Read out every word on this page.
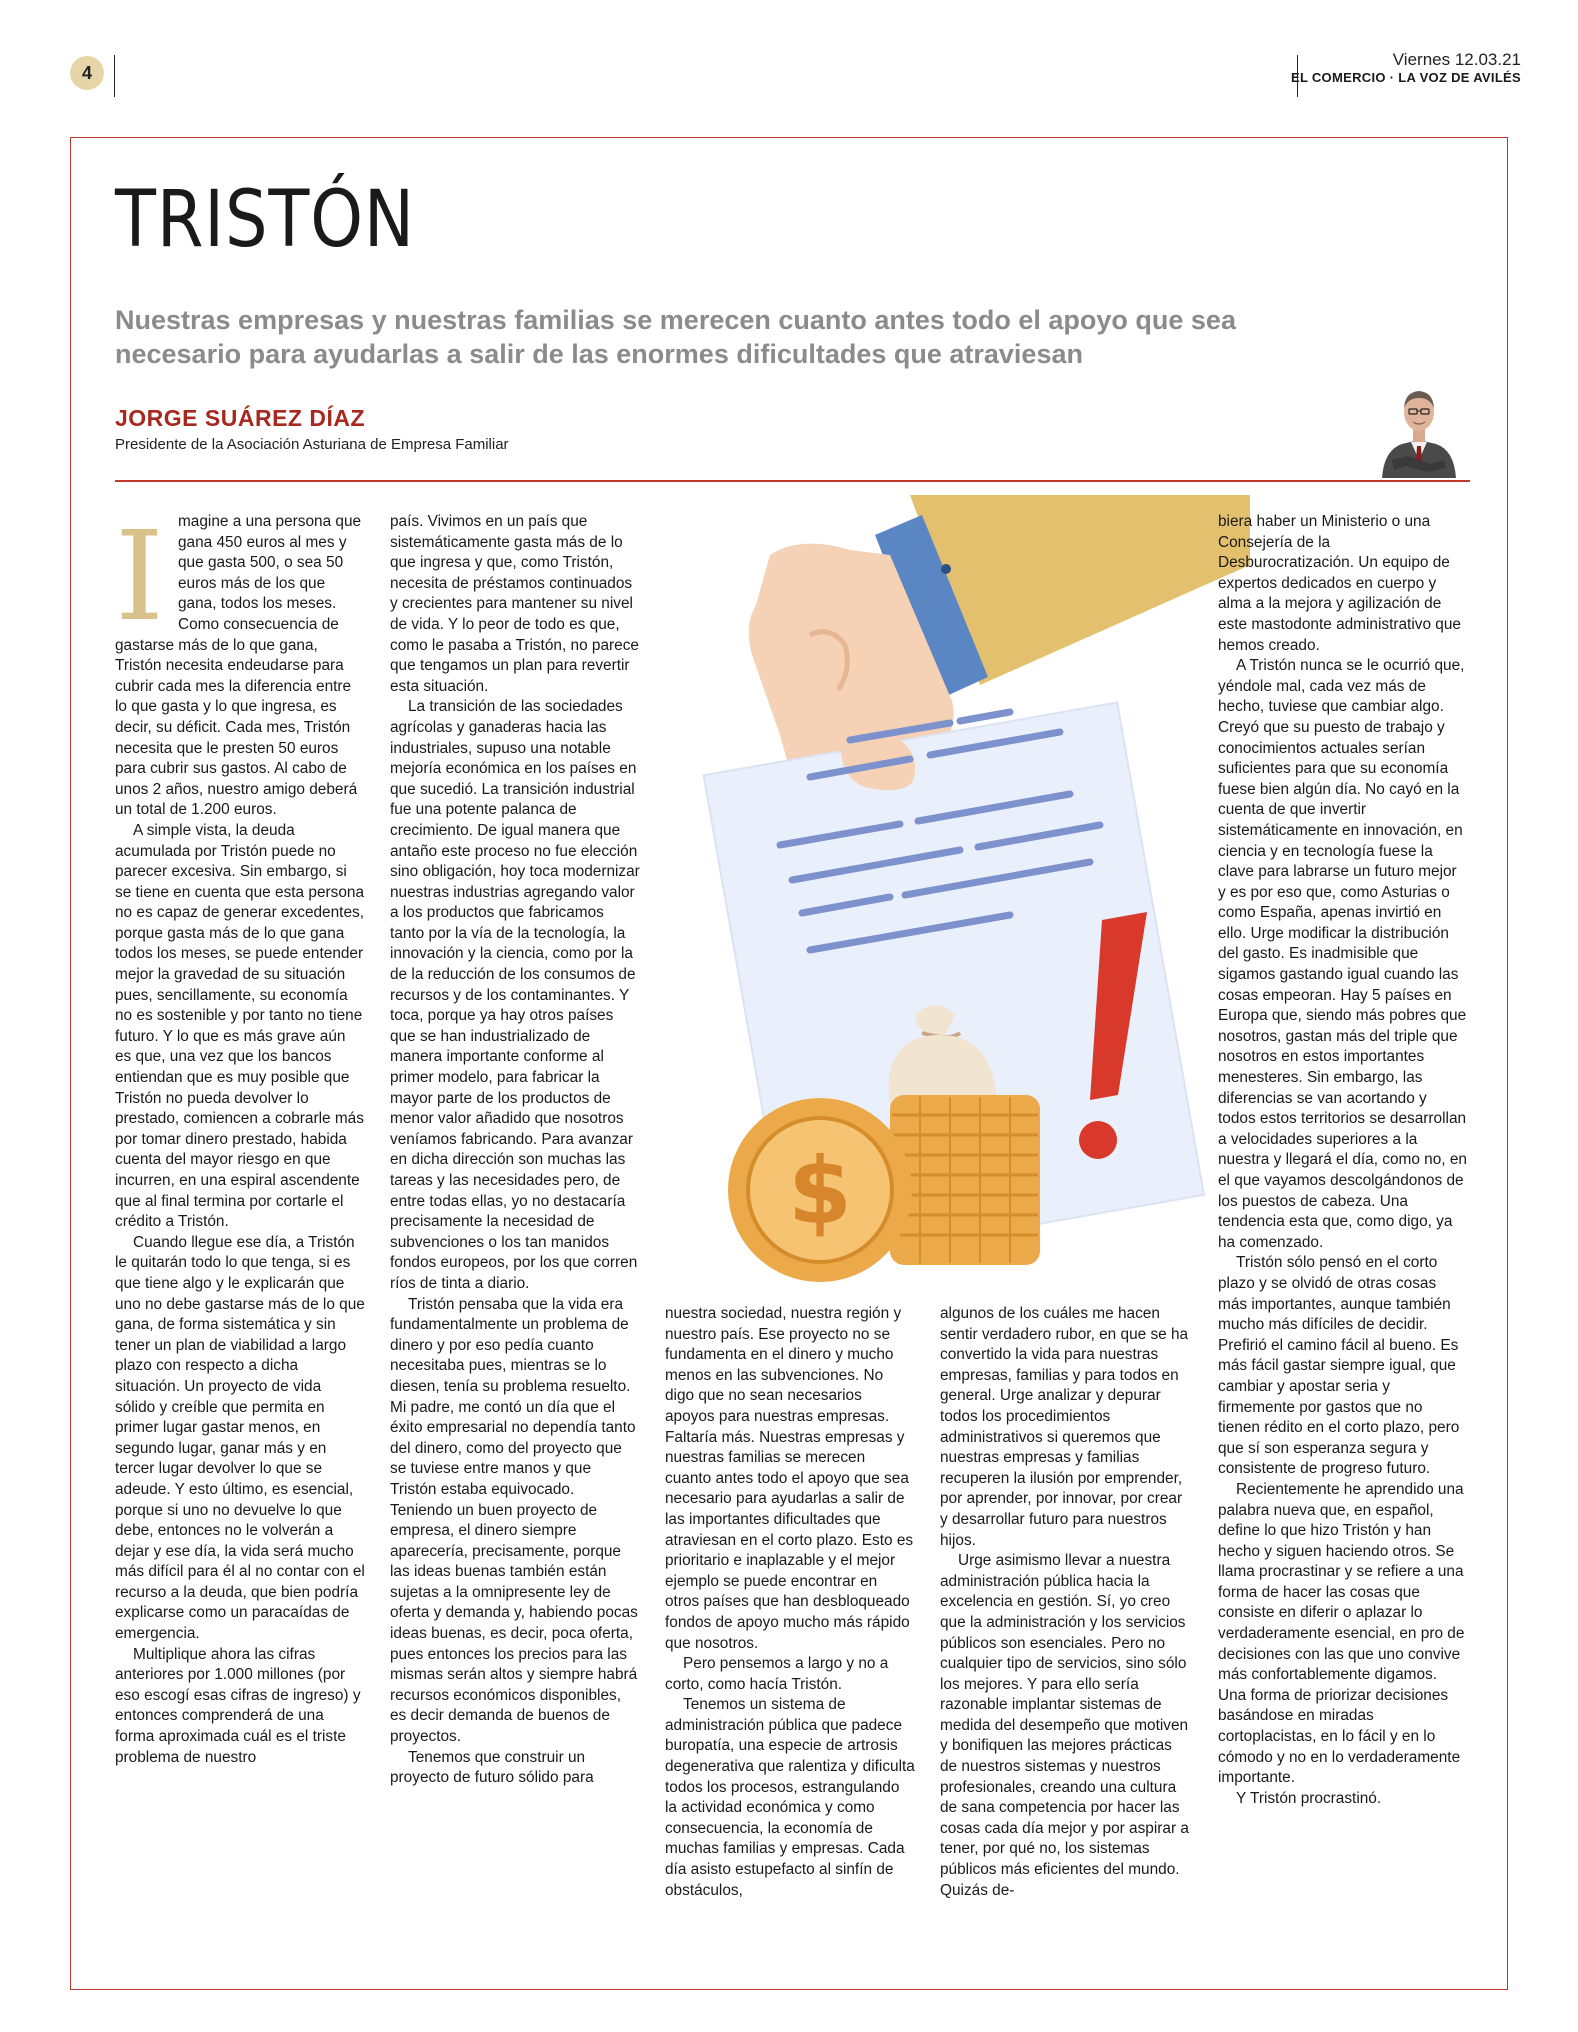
4
Viernes 12.03.21
EL COMERCIO · LA VOZ DE AVILÉS
TRISTÓN

Nuestras empresas y nuestras familias se merecen cuanto antes todo el apoyo que sea necesario para ayudarlas a salir de las enormes dificultades que atraviesan

JORGE SUÁREZ DÍAZ
Presidente de la Asociación Asturiana de Empresa Familiar
I magine a una persona que gana 450 euros al mes y que gasta 500, o sea 50 euros más de los que gana, todos los meses. Como consecuencia de gastarse más de lo que gana, Tristón necesita endeudarse para cubrir cada mes la diferencia entre lo que gasta y lo que ingresa, es decir, su déficit. Cada mes, Tristón necesita que le presten 50 euros para cubrir sus gastos. Al cabo de unos 2 años, nuestro amigo deberá un total de 1.200 euros.

A simple vista, la deuda acumulada por Tristón puede no parecer excesiva. Sin embargo, si se tiene en cuenta que esta persona no es capaz de generar excedentes, porque gasta más de lo que gana todos los meses, se puede entender mejor la gravedad de su situación pues, sencillamente, su economía no es sostenible y por tanto no tiene futuro. Y lo que es más grave aún es que, una vez que los bancos entiendan que es muy posible que Tristón no pueda devolver lo prestado, comiencen a cobrarle más por tomar dinero prestado, habida cuenta del mayor riesgo en que incurren, en una espiral ascendente que al final termina por cortarle el crédito a Tristón.

Cuando llegue ese día, a Tristón le quitarán todo lo que tenga, si es que tiene algo y le explicarán que uno no debe gastarse más de lo que gana, de forma sistemática y sin tener un plan de viabilidad a largo plazo con respecto a dicha situación. Un proyecto de vida sólido y creíble que permita en primer lugar gastar menos, en segundo lugar, ganar más y en tercer lugar devolver lo que se adeude. Y esto último, es esencial, porque si uno no devuelve lo que debe, entonces no le volverán a dejar y ese día, la vida será mucho más difícil para él al no contar con el recurso a la deuda, que bien podría explicarse como un paracaídas de emergencia.

Multiplique ahora las cifras anteriores por 1.000 millones (por eso escogí esas cifras de ingreso) y entonces comprenderá de una forma aproximada cuál es el triste problema de nuestro

país. Vivimos en un país que sistemáticamente gasta más de lo que ingresa y que, como Tristón, necesita de préstamos continuados y crecientes para mantener su nivel de vida. Y lo peor de todo es que, como le pasaba a Tristón, no parece que tengamos un plan para revertir esta situación.

La transición de las sociedades agrícolas y ganaderas hacia las industriales, supuso una notable mejoría económica en los países en que sucedió. La transición industrial fue una potente palanca de crecimiento. De igual manera que antaño este proceso no fue elección sino obligación, hoy toca modernizar nuestras industrias agregando valor a los productos que fabricamos tanto por la vía de la tecnología, la innovación y la ciencia, como por la de la reducción de los consumos de recursos y de los contaminantes. Y toca, porque ya hay otros países que se han industrializado de manera importante conforme al primer modelo, para fabricar la mayor parte de los productos de menor valor añadido que nosotros veníamos fabricando. Para avanzar en dicha dirección son muchas las tareas y las necesidades pero, de entre todas ellas, yo no destacaría precisamente la necesidad de subvenciones o los tan manidos fondos europeos, por los que corren ríos de tinta a diario.

Tristón pensaba que la vida era fundamentalmente un problema de dinero y por eso pedía cuanto necesitaba pues, mientras se lo diesen, tenía su problema resuelto. Mi padre, me contó un día que el éxito empresarial no dependía tanto del dinero, como del proyecto que se tuviese entre manos y que Tristón estaba equivocado. Teniendo un buen proyecto de empresa, el dinero siempre aparecería, precisamente, porque las ideas buenas también están sujetas a la omnipresente ley de oferta y demanda y, habiendo pocas ideas buenas, es decir, poca oferta, pues entonces los precios para las mismas serán altos y siempre habrá recursos económicos disponibles, es decir demanda de buenos de proyectos.

Tenemos que construir un proyecto de futuro sólido para

$

nuestra sociedad, nuestra región y nuestro país. Ese proyecto no se fundamenta en el dinero y mucho menos en las subvenciones. No digo que no sean necesarios apoyos para nuestras empresas. Faltaría más. Nuestras empresas y nuestras familias se merecen cuanto antes todo el apoyo que sea necesario para ayudarlas a salir de las importantes dificultades que atraviesan en el corto plazo. Esto es prioritario e inaplazable y el mejor ejemplo se puede encontrar en otros países que han desbloqueado fondos de apoyo mucho más rápido que nosotros.

Pero pensemos a largo y no a corto, como hacía Tristón.

Tenemos un sistema de administración pública que padece buropatía, una especie de artrosis degenerativa que ralentiza y dificulta todos los procesos, estrangulando la actividad económica y como consecuencia, la economía de muchas familias y empresas. Cada día asisto estupefacto al sinfín de obstáculos,

algunos de los cuáles me hacen sentir verdadero rubor, en que se ha convertido la vida para nuestras empresas, familias y para todos en general. Urge analizar y depurar todos los procedimientos administrativos si queremos que nuestras empresas y familias recuperen la ilusión por emprender, por aprender, por innovar, por crear y desarrollar futuro para nuestros hijos.

Urge asimismo llevar a nuestra administración pública hacia la excelencia en gestión. Sí, yo creo que la administración y los servicios públicos son esenciales. Pero no cualquier tipo de servicios, sino sólo los mejores. Y para ello sería razonable implantar sistemas de medida del desempeño que motiven y bonifiquen las mejores prácticas de nuestros sistemas y nuestros profesionales, creando una cultura de sana competencia por hacer las cosas cada día mejor y por aspirar a tener, por qué no, los sistemas públicos más eficientes del mundo. Quizás de-

biera haber un Ministerio o una Consejería de la Desburocratización. Un equipo de expertos dedicados en cuerpo y alma a la mejora y agilización de este mastodonte administrativo que hemos creado.

A Tristón nunca se le ocurrió que, yéndole mal, cada vez más de hecho, tuviese que cambiar algo. Creyó que su puesto de trabajo y conocimientos actuales serían suficientes para que su economía fuese bien algún día. No cayó en la cuenta de que invertir sistemáticamente en innovación, en ciencia y en tecnología fuese la clave para labrarse un futuro mejor y es por eso que, como Asturias o como España, apenas invirtió en ello. Urge modificar la distribución del gasto. Es inadmisible que sigamos gastando igual cuando las cosas empeoran. Hay 5 países en Europa que, siendo más pobres que nosotros, gastan más del triple que nosotros en estos importantes menesteres. Sin embargo, las diferencias se van acortando y todos estos territorios se desarrollan a velocidades superiores a la nuestra y llegará el día, como no, en el que vayamos descolgándonos de los puestos de cabeza. Una tendencia esta que, como digo, ya ha comenzado.

Tristón sólo pensó en el corto plazo y se olvidó de otras cosas más importantes, aunque también mucho más difíciles de decidir. Prefirió el camino fácil al bueno. Es más fácil gastar siempre igual, que cambiar y apostar seria y firmemente por gastos que no tienen rédito en el corto plazo, pero que sí son esperanza segura y consistente de progreso futuro.

Recientemente he aprendido una palabra nueva que, en español, define lo que hizo Tristón y han hecho y siguen haciendo otros. Se llama procrastinar y se refiere a una forma de hacer las cosas que consiste en diferir o aplazar lo verdaderamente esencial, en pro de decisiones con las que uno convive más confortablemente digamos. Una forma de priorizar decisiones basándose en miradas cortoplacistas, en lo fácil y en lo cómodo y no en lo verdaderamente importante.

Y Tristón procrastinó.
